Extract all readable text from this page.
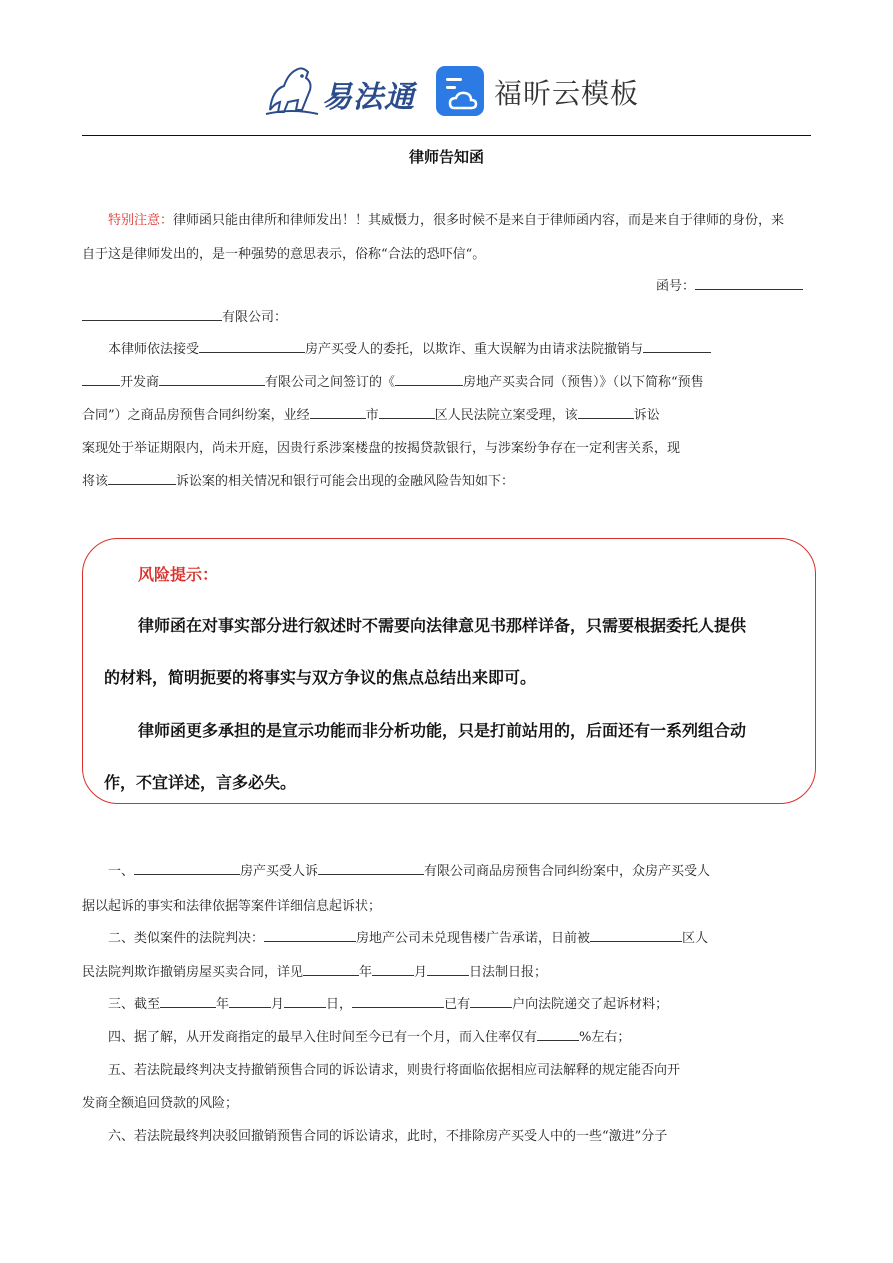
易法通	福昕云模板
律师告知函
特别注意：律师函只能由律所和律师发出！！其威慑力，很多时候不是来自于律师函内容，而是来自于律师的身份，来
自于这是律师发出的，是一种强势的意思表示，俗称“合法的恐吓信“。
函号：
有限公司：
本律师依法接受	房产买受人的委托，以欺诈、重大误解为由请求法院撤销与
开发商	有限公司之间签订的《	房地产买卖合同（预售）》（以下简称“预售
合同”）之商品房预售合同纠纷案，业经	市	区人民法院立案受理，该	诉讼
案现处于举证期限内，尚未开庭，因贵行系涉案楼盘的按揭贷款银行，与涉案纷争存在一定利害关系，现
将该	诉讼案的相关情况和银行可能会出现的金融风险告知如下：
风险提示：
律师函在对事实部分进行叙述时不需要向法律意见书那样详备，只需要根据委托人提供
的材料，简明扼要的将事实与双方争议的焦点总结出来即可。
律师函更多承担的是宣示功能而非分析功能，只是打前站用的，后面还有一系列组合动
作，不宜详述，言多必失。
一、	房产买受人诉	有限公司商品房预售合同纠纷案中，众房产买受人
据以起诉的事实和法律依据等案件详细信息起诉状；
二、类似案件的法院判决：	房地产公司未兑现售楼广告承诺，日前被	区人
民法院判欺诈撤销房屋买卖合同，详见	年	月	日法制日报；
三、截至	年	月	日，	已有	户向法院递交了起诉材料；
四、据了解，从开发商指定的最早入住时间至今已有一个月，而入住率仅有	%左右；
五、若法院最终判决支持撤销预售合同的诉讼请求，则贵行将面临依据相应司法解释的规定能否向开
发商全额追回贷款的风险；
六、若法院最终判决驳回撤销预售合同的诉讼请求，此时，不排除房产买受人中的一些“激进”分子
